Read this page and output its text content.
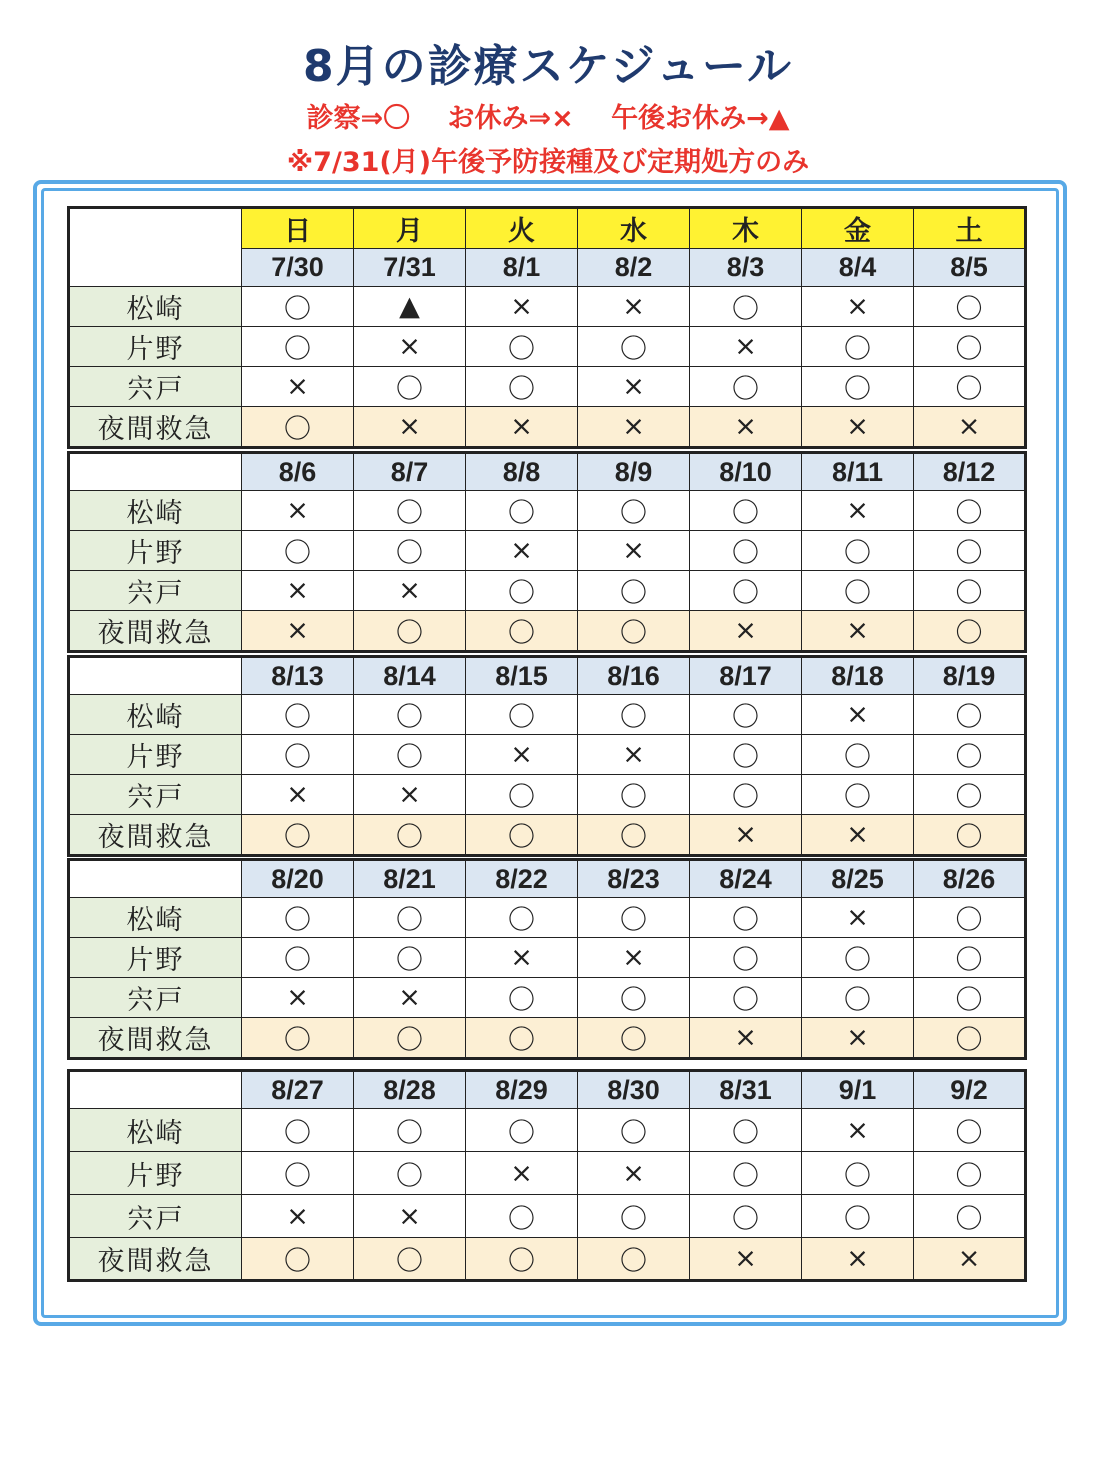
8月の診療スケジュール
診察⇒〇 お休み⇒× 午後お休み→▲
※7/31(月)午後予防接種及び定期処方のみ
	日	月	火	水	木	金	土
	7/30	7/31	8/1	8/2	8/3	8/4	8/5
松崎	〇	▲	×	×	〇	×	〇
片野	〇	×	〇	〇	×	〇	〇
宍戸	×	〇	〇	×	〇	〇	〇
夜間救急	〇	×	×	×	×	×	×
	8/6	8/7	8/8	8/9	8/10	8/11	8/12
松崎	×	〇	〇	〇	〇	×	〇
片野	〇	〇	×	×	〇	〇	〇
宍戸	×	×	〇	〇	〇	〇	〇
夜間救急	×	〇	〇	〇	×	×	〇
	8/13	8/14	8/15	8/16	8/17	8/18	8/19
松崎	〇	〇	〇	〇	〇	×	〇
片野	〇	〇	×	×	〇	〇	〇
宍戸	×	×	〇	〇	〇	〇	〇
夜間救急	〇	〇	〇	〇	×	×	〇
	8/20	8/21	8/22	8/23	8/24	8/25	8/26
松崎	〇	〇	〇	〇	〇	×	〇
片野	〇	〇	×	×	〇	〇	〇
宍戸	×	×	〇	〇	〇	〇	〇
夜間救急	〇	〇	〇	〇	×	×	〇
	8/27	8/28	8/29	8/30	8/31	9/1	9/2
松崎	〇	〇	〇	〇	〇	×	〇
片野	〇	〇	×	×	〇	〇	〇
宍戸	×	×	〇	〇	〇	〇	〇
夜間救急	〇	〇	〇	〇	×	×	×
